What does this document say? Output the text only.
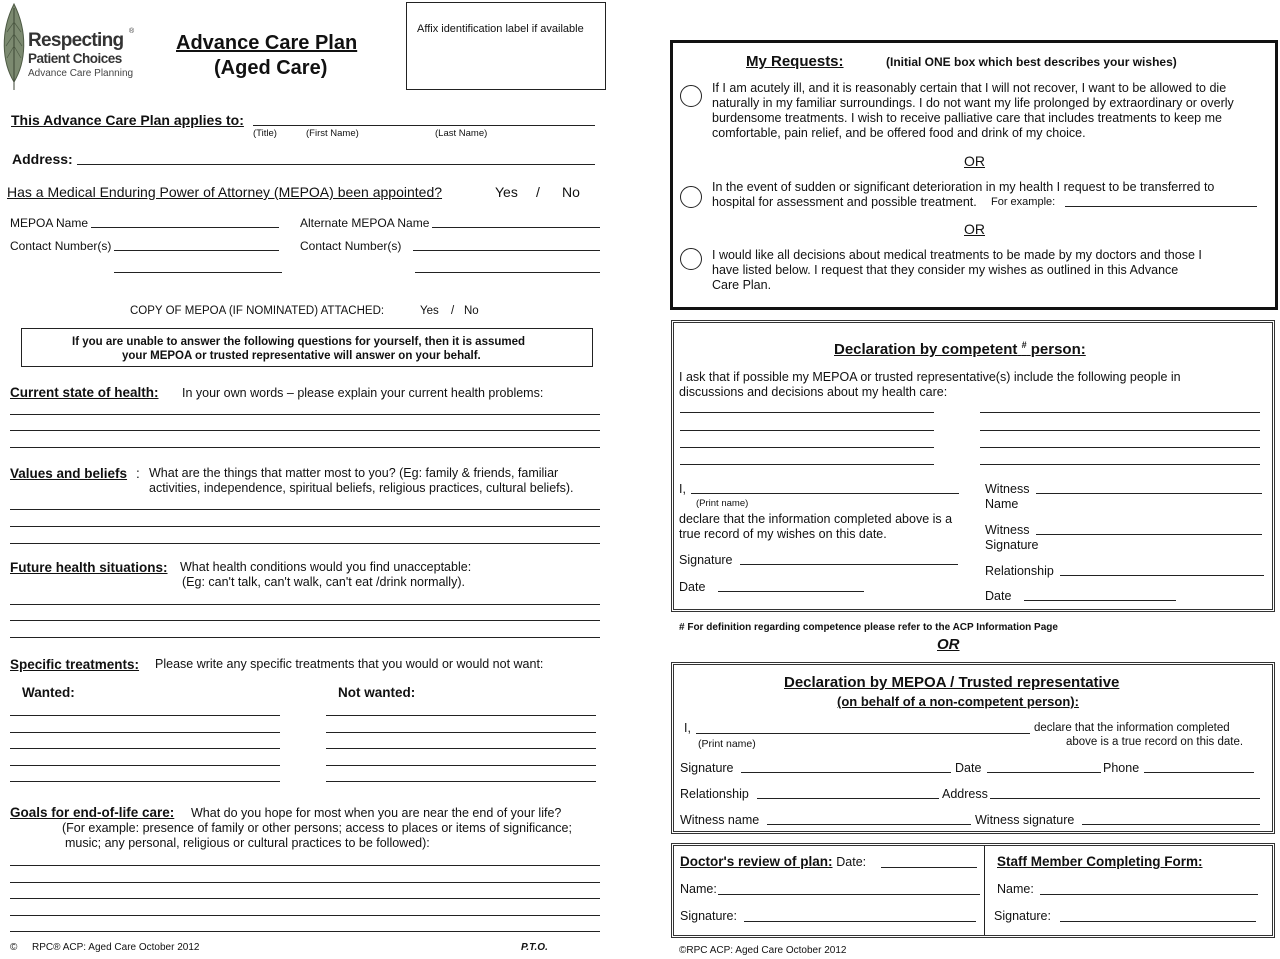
Respecting ®
Patient Choices
Advance Care Planning
Advance Care Plan
(Aged Care)
Affix identification label if available
This Advance Care Plan applies to:
(Title)	(First Name)	(Last Name)
Address:
Has a Medical Enduring Power of Attorney (MEPOA) been appointed?	Yes / No
MEPOA Name	Alternate MEPOA Name
Contact Number(s)	Contact Number(s)
COPY OF MEPOA (IF NOMINATED) ATTACHED:	Yes / No
If you are unable to answer the following questions for yourself, then it is assumed
your MEPOA or trusted representative will answer on your behalf.
Current state of health: In your own words – please explain your current health problems:
Values and beliefs : What are the things that matter most to you? (Eg: family & friends, familiar
activities, independence, spiritual beliefs, religious practices, cultural beliefs).
Future health situations: What health conditions would you find unacceptable:
(Eg: can't talk, can't walk, can't eat /drink normally).
Specific treatments: Please write any specific treatments that you would or would not want:
Wanted:	Not wanted:
Goals for end-of-life care: What do you hope for most when you are near the end of your life?
(For example: presence of family or other persons; access to places or items of significance;
music; any personal, religious or cultural practices to be followed):
© RPC® ACP: Aged Care October 2012	P.T.O.
My Requests:	(Initial ONE box which best describes your wishes)
If I am acutely ill, and it is reasonably certain that I will not recover, I want to be allowed to die naturally in my familiar surroundings. I do not want my life prolonged by extraordinary or overly burdensome treatments. I wish to receive palliative care that includes treatments to keep me comfortable, pain relief, and be offered food and drink of my choice.
OR
In the event of sudden or significant deterioration in my health I request to be transferred to hospital for assessment and possible treatment.	For example:
OR
I would like all decisions about medical treatments to be made by my doctors and those I have listed below. I request that they consider my wishes as outlined in this Advance Care Plan.
Declaration by competent # person:
I ask that if possible my MEPOA or trusted representative(s) include the following people in discussions and decisions about my health care:
I,
(Print name)
declare that the information completed above is a true record of my wishes on this date.
Signature
Date
Witness
Name
Witness
Signature
Relationship
Date
# For definition regarding competence please refer to the ACP Information Page
OR
Declaration by MEPOA / Trusted representative
(on behalf of a non-competent person):
I,	declare that the information completed
above is a true record on this date.
(Print name)
Signature	Date	Phone
Relationship	Address
Witness name	Witness signature
Doctor's review of plan: Date:
Name:
Signature:
Staff Member Completing Form:
Name:
Signature:
©RPC ACP: Aged Care October 2012
